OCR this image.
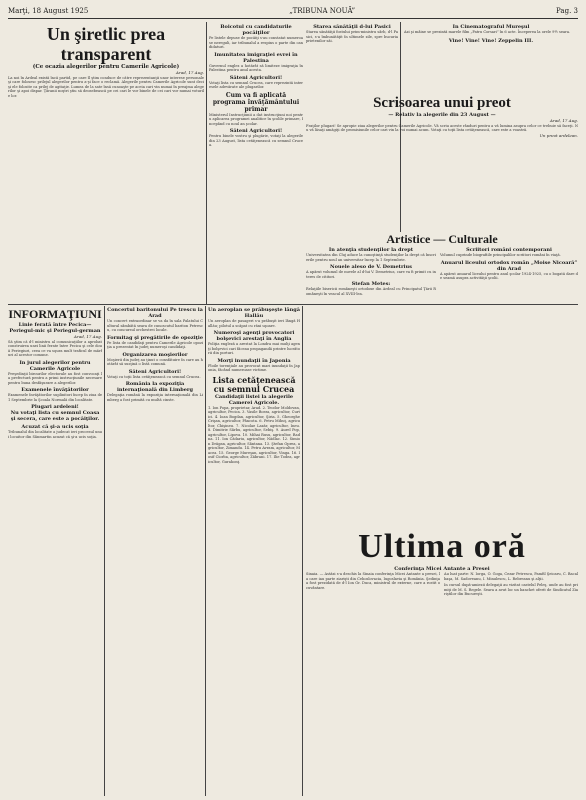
Marţi, 18 August 1925	„TRIBUNA NOUĂ”	Pag. 3
Un şiretlic prea transparent
(Ce ocazia alegerilor pentru Camerile Agricole)
Arad, 17 Aug.
La noi în Ardeal există încă partid, pe care îl ştim conduce de către reprezentanţii unor interese personale şi care folosesc prilejul alegerilor pentru a-şi face o reclamă. Alegerile pentru Camerile Agricole sunt deci şi ele folosite ca prilej de agitaţie. Lumea de la sate însă cunoaşte pe aceia cari vin numai în preajma alegerilor şi apoi dispar. Ţăranii noştri ştiu să deosebească pe cei cari le vor binele de cei cari vor numai voturile lor.
Boicotul cu candidaturile pocăiţilor
Pe listele depuse de pocăiţi s-au constatat numeroase nereguli, iar tribunalul a respins o parte din candidaturi.
Imunitatea imigraţiei evrei în Palestina
Guvernul englez a hotărât să limiteze imigraţia în Palestina pentru anul acesta.
Săteni Agricultori!
Votaţi lista cu semnul Crucea, care reprezintă interesele adevărate ale plugarilor.
Cum va fi aplicată programa învăţământului primar
Ministerul Instrucţiunii a dat instrucţiuni noi pentru aplicarea programei analitice în şcolile primare, începând cu noul an şcolar.
Săteni Agricultori!
Pentru binele vostru şi plugărie, votaţi la alegerile din 23 August, lista cetăţenească cu semnul Crucea.
Starea sănătăţii d-lui Pasici
Starea sănătăţii fostului prim-ministru sârb, d-l Pasici, s-a îmbunătăţit în ultimele zile, spre bucuria prietenilor săi.
In Cinematograful Mureşul
Azi şi mâine se prezintă marele film „Patru Corsari” în 6 acte. Începerea la orele 9½ seara.
Vine! Vine! Vine! Zeppelin III.
Scrisoarea unui preot
— Relativ la alegerile din 23 August —
Arad, 17 Aug.
Fraţilor plugari! Se apropie ziua alegerilor pentru Camerile Agricole. Vă scriu aceste rânduri pentru a vă lumina asupra celor ce trebuie să faceţi. Nu vă lăsaţi amăgiţi de promisiunile celor cari vin la voi numai acum. Votaţi cu toţii lista cetăţenească, care este a voastră.
Un preot ardelean.
INFORMAŢIUNI
Linie ferată între Pecica—Periegul-mic şi Periegul-german
Arad, 17 Aug.
Să ştim că d-l ministru al comunicaţiilor a aprobat construirea unei linii ferate între Pecica şi cele două Periegiuri, ceea ce va uşura mult traficul de mărfuri al acestor comune.
In jurul alegerilor pentru Camerile Agricole
Preşedinţii birourilor electorale au fost convocaţi la prefectură pentru a primi instrucţiunile necesare pentru buna desfăşurare a alegerilor.
Examenele învăţătorilor
Examenele învăţătorilor suplinitori încep în ziua de 1 Septembrie la Şcoala Normală din localitate.
Plugari ardeleni!
Nu votaţi lista cu semnul Coasa şi secera, care este a pocăiţilor.
Acuzat că şi-a ucis soţia
Tribunalul din localitate a judecat ieri procesul unui locuitor din Sânmartin acuzat că şi-a ucis soţia.
Concertul baritonului Pe trescu la Arad
Un concert extraordinar se va da în sala Palatului Cultural sâmbătă seara de cunoscutul bariton Petrescu, cu concursul orchestrei locale.
Formitag şi pregătirile de opoziţie
Pe lista de candidaţi pentru Camerile Agricole opoziţia a prezentat în judeţ numeroşi candidaţi.
Organizarea moşierilor
Moşierii din judeţ au ţinut o consfătuire în care au hotărât să susţină o listă comună.
Săteni Agricultori!
Votaţi cu toţii lista cetăţenească cu semnul Crucea.
România la expoziţia internaţională din Limberg
Delegaţia română la expoziţia internaţională din Limberg a fost primită cu multă cinste.
Un aeroplan se prăbuşeşte lângă Hallău
Un aeroplan de pasageri s-a prăbuşit ieri lângă Hallău; pilotul a scăpat cu răni uşoare.
Numeroşi agenţi provocatori bolşevici arestaţi în Anglia
Poliţia engleză a arestat la Londra mai mulţi agenţi bolşevici cari făceau propagandă printre lucrătorii din porturi.
Morţi inundaţii în Japonia
Ploile torenţiale au provocat mari inundaţii în Japonia, făcând numeroase victime.
Lista cetăţenească cu semnul Crucea
Candidaţii listei la alegerile Camerei Agricole.
1. Ion Popa, proprietar, Arad. 2. Teodor Moldovan, agricultor, Pecica. 3. Vasile Borza, agricultor, Curtici. 4. Ioan Bogdan, agricultor, Şiria. 5. Gheorghe Crişan, agricultor, Pâncota. 6. Petru Mihuţ, agricultor, Chişineu. 7. Nicolae Lazăr, agricultor, Ineu. 8. Dimitrie Sârbu, agricultor, Sebiş. 9. Aurel Pop, agricultor, Lipova. 10. Mihai Rusu, agricultor, Radna. 11. Ion Cădariu, agricultor, Nădlac. 12. Simion Drăgan, agricultor, Sântana. 13. Ştefan Oprea, agricultor, Zimandu. 14. Petru Avram, agricultor, Macea. 15. George Mureşan, agricultor, Vinga. 16. Iosif Ciorba, agricultor, Zăbrani. 17. Ilie Todea, agricultor, Gurahonţ.
Artistice — Culturale
In atenţia studenţilor la drept
Universitatea din Cluj aduce la cunoştinţă studenţilor la drept că înscrierile pentru noul an universitar încep la 1 Septembrie.
Nouele aleso de V. Demetrius
A apărut volumul de nuvele al d-lui V. Demetrius, care va fi primit cu interes de cititori.
Stefan Metes:
Relaţiile bisericii româneşti ortodoxe din Ardeal cu Principatul Ţării Româneşti în veacul al XVIII-lea.
Scriitori români contemporani
Volumul cuprinde biografiile principalilor scriitori români în viaţă.
Anuarul liceului ortodox român „Moise Nicoară” din Arad
A apărut anuarul liceului pentru anul şcolar 1924-1925, cu o bogată dare de seamă asupra activităţii şcolii.
Ultima oră
Conferinţa Micei Antante a Presei
Sinaia. — Astăzi s-a deschis la Sinaia conferinţa Micei Antante a presei, la care iau parte ziarişti din Cehoslovacia, Iugoslavia şi România. Şedinţa a fost prezidată de d-l Ion Gr. Duca, ministrul de externe, care a rostit o cuvântare.
Au luat parte: N. Iorga, O. Goga, Cezar Petrescu, Pamfil Şeicaru, C. Bacalbaşa, M. Sadoveanu, I. Minulescu, L. Rebreanu şi alţii.
In cursul după-amiezii delegaţii au vizitat castelul Peleş, unde au fost primiţi de M. S. Regele. Seara a avut loc un banchet oferit de Sindicatul Ziariştilor din Bucureşti.
